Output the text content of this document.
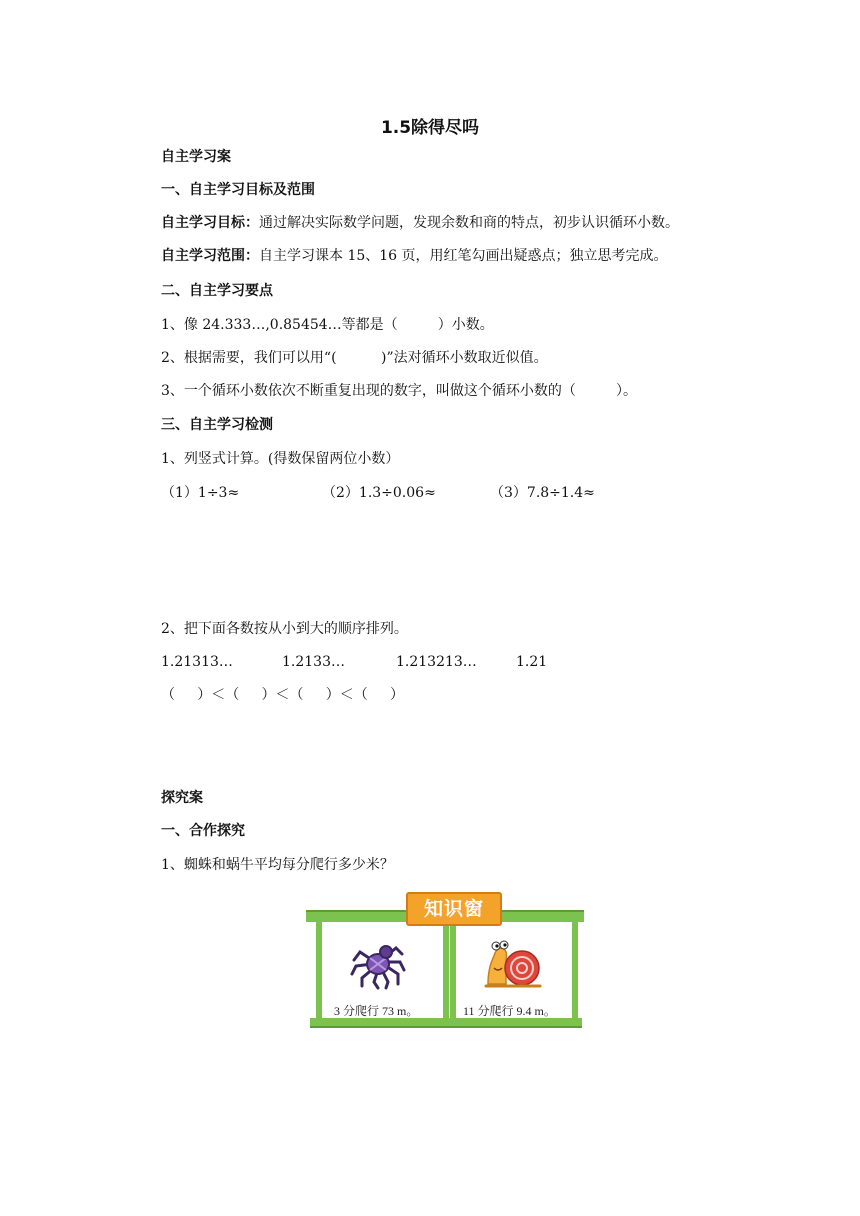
1.5除得尽吗
自主学习案
一、自主学习目标及范围
自主学习目标：通过解决实际数学问题，发现余数和商的特点，初步认识循环小数。
自主学习范围：自主学习课本 15、16 页，用红笔勾画出疑惑点；独立思考完成。
二、自主学习要点
1、像 24.333…,0.85454…等都是（         ）小数。
2、根据需要，我们可以用“(          )”法对循环小数取近似值。
3、一个循环小数依次不断重复出现的数字，叫做这个循环小数的（         ）。
三、自主学习检测
1、列竖式计算。(得数保留两位小数）
（1）1÷3≈	（2）1.3÷0.06≈	（3）7.8÷1.4≈
2、把下面各数按从小到大的顺序排列。
1.21313…	1.2133…	1.213213…	1.21
（     ）＜（     ）＜（     ）＜（     ）
探究案
一、合作探究
1、蜘蛛和蜗牛平均每分爬行多少米？
3 分爬行 73 m。	11 分爬行 9.4 m。
知识窗
